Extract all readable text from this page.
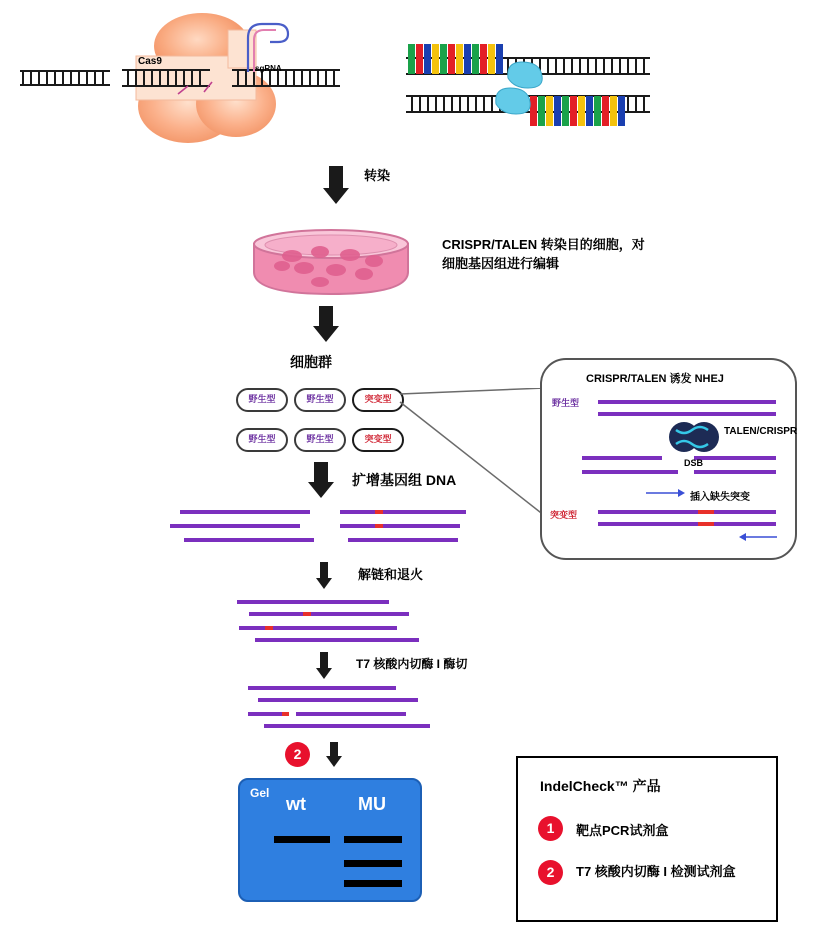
Cas9
sgRNA
转染
CRISPR/TALEN 转染目的细胞，对细胞基因组进行编辑
细胞群
野生型	野生型	突变型
野生型	野生型	突变型
CRISPR/TALEN 诱发 NHEJ
野生型
TALEN/CRISPR
DSB
插入缺失突变
突变型
扩增基因组 DNA
解链和退火
T7 核酸内切酶 I 酶切
2
Gel
wt	MU
IndelCheck™ 产品
1	靶点PCR试剂盒
2	T7 核酸内切酶 I 检测试剂盒
